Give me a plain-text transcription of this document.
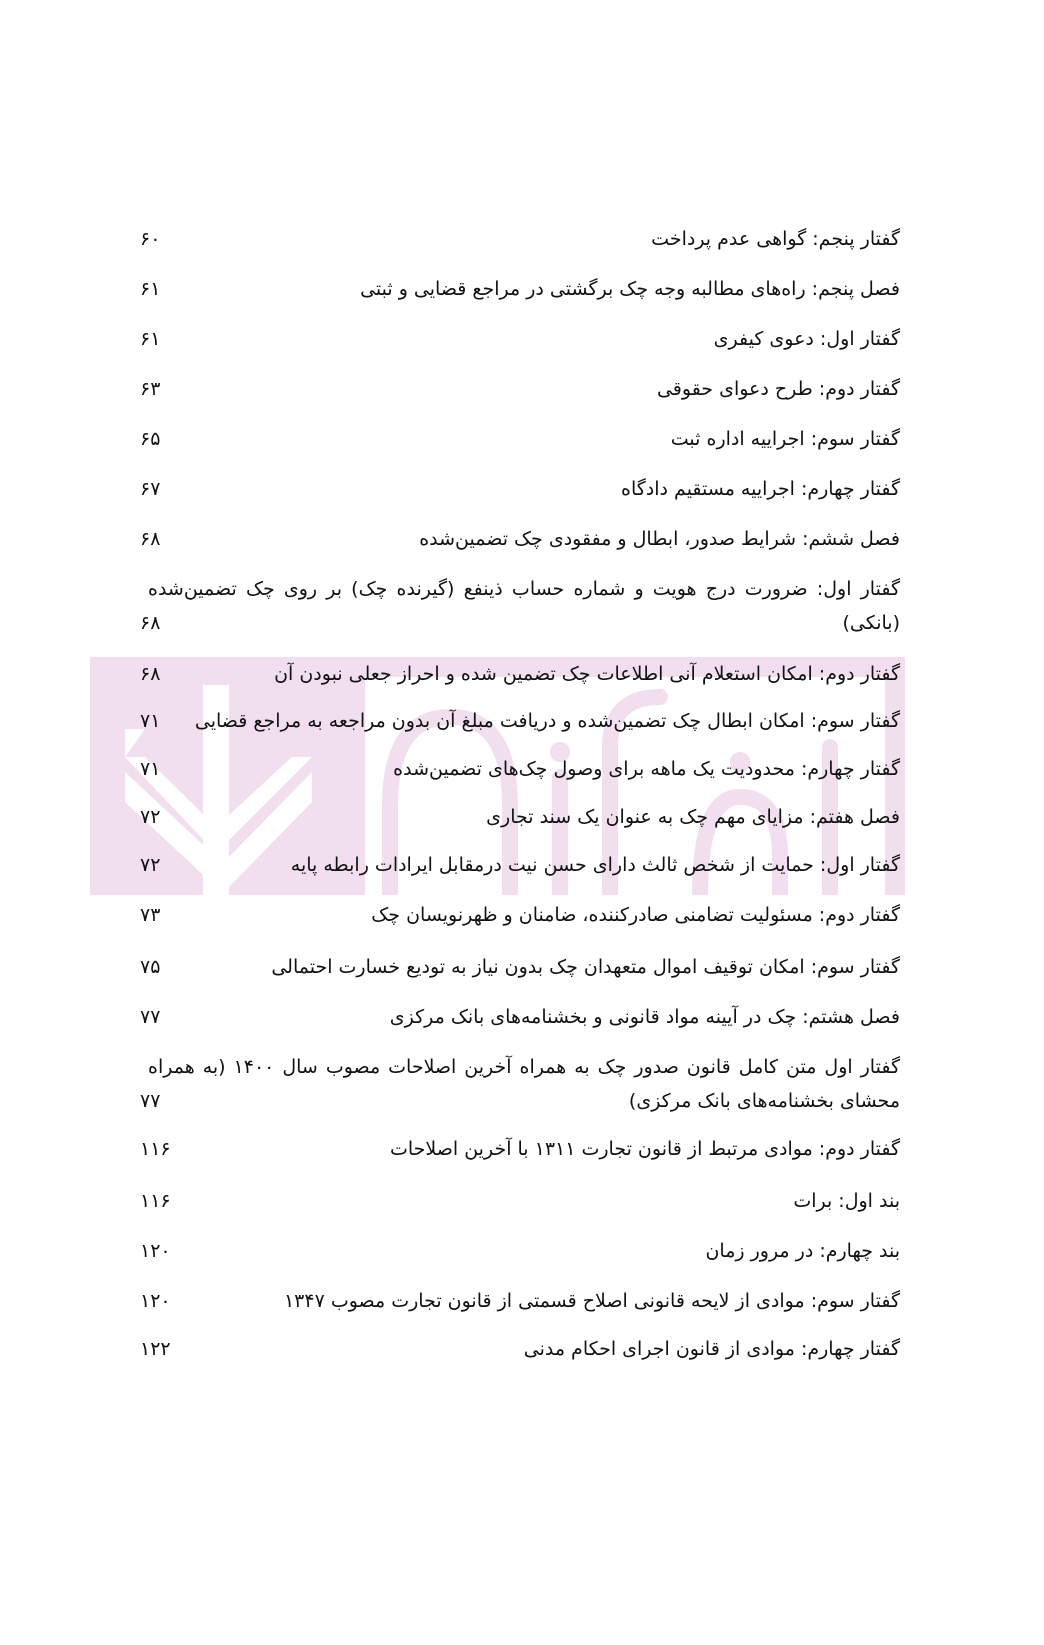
گفتار پنجم: گواهی عدم پرداخت
۶۰
فصل پنجم: راه‌های مطالبه وجه چک برگشتی در مراجع قضایی و ثبتی
۶۱
گفتار اول: دعوی کیفری
۶۱
گفتار دوم: طرح دعوای حقوقی
۶۳
گفتار سوم: اجراییه اداره ثبت
۶۵
گفتار چهارم: اجراییه مستقیم دادگاه
۶۷
فصل ششم: شرایط صدور، ابطال و مفقودی چک تضمین‌شده
۶۸
گفتار اول: ضرورت درج هویت و شماره حساب ذینفع (گیرنده چک) بر روی چک تضمین‌شده (بانکی)
۶۸
گفتار دوم: امکان استعلام آنی اطلاعات چک تضمین شده و احراز جعلی نبودن آن
۶۸
گفتار سوم: امکان ابطال چک تضمین‌شده و دریافت مبلغ آن بدون مراجعه به مراجع قضایی
۷۱
گفتار چهارم: محدودیت یک ماهه برای وصول چک‌های تضمین‌شده
۷۱
فصل هفتم: مزایای مهم چک به عنوان یک سند تجاری
۷۲
گفتار اول: حمایت از شخص ثالث دارای حسن نیت درمقابل ایرادات رابطه پایه
۷۲
گفتار دوم: مسئولیت تضامنی صادرکننده، ضامنان و ظهرنویسان چک
۷۳
گفتار سوم: امکان توقیف اموال متعهدان چک بدون نیاز به تودیع خسارت احتمالی
۷۵
فصل هشتم: چک در آیینه مواد قانونی و بخشنامه‌های بانک مرکزی
۷۷
گفتار اول متن کامل قانون صدور چک به همراه آخرین اصلاحات مصوب سال ۱۴۰۰ (به همراه محشای بخشنامه‌های بانک مرکزی)
۷۷
گفتار دوم: موادی مرتبط از قانون تجارت ۱۳۱۱ با آخرین اصلاحات
۱۱۶
بند اول: برات
۱۱۶
بند چهارم: در مرور زمان
۱۲۰
گفتار سوم: موادی از لایحه قانونی اصلاح قسمتی از قانون تجارت مصوب ۱۳۴۷
۱۲۰
گفتار چهارم: موادی از قانون اجرای احکام مدنی
۱۲۲
